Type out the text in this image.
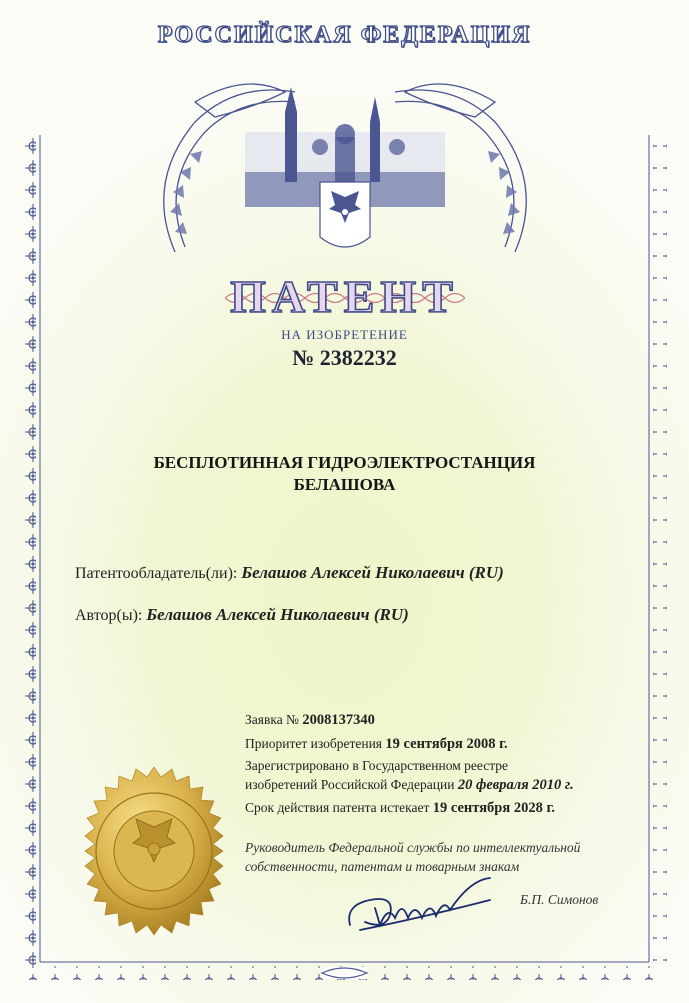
РОССИЙСКАЯ ФЕДЕРАЦИЯ
ПАТЕНТ
НА ИЗОБРЕТЕНИЕ
№ 2382232
БЕСПЛОТИННАЯ ГИДРОЭЛЕКТРОСТАНЦИЯ
БЕЛАШОВА
Патентообладатель(ли): Белашов Алексей Николаевич (RU)
Автор(ы): Белашов Алексей Николаевич (RU)
Заявка № 2008137340
Приоритет изобретения 19 сентября 2008 г.
Зарегистрировано в Государственном реестре
изобретений Российской Федерации 20 февраля 2010 г.
Срок действия патента истекает 19 сентября 2028 г.
Руководитель Федеральной службы по интеллектуальной
собственности, патентам и товарным знакам
Б.П. Симонов
